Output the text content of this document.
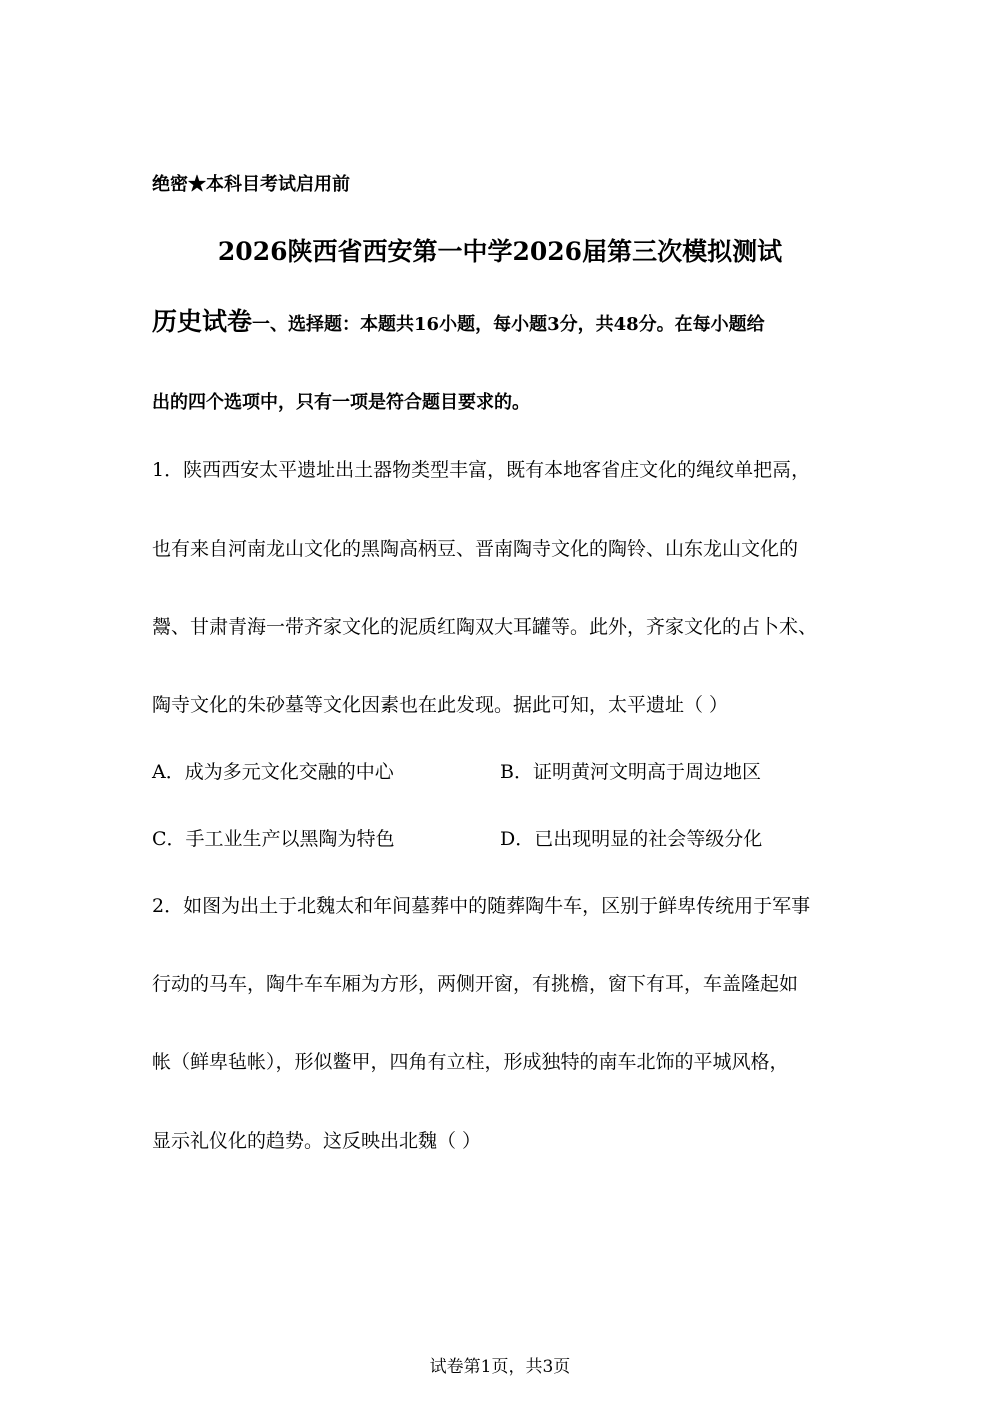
绝密★本科目考试启用前
2026陕西省西安第一中学2026届第三次模拟测试
历史试卷一、选择题：本题共16小题，每小题3分，共48分。在每小题给
出的四个选项中，只有一项是符合题目要求的。
1．陕西西安太平遗址出土器物类型丰富，既有本地客省庄文化的绳纹单把鬲，
也有来自河南龙山文化的黑陶高柄豆、晋南陶寺文化的陶铃、山东龙山文化的
鬶、甘肃青海一带齐家文化的泥质红陶双大耳罐等。此外，齐家文化的占卜术、
陶寺文化的朱砂墓等文化因素也在此发现。据此可知，太平遗址（ ）
A．成为多元文化交融的中心	B．证明黄河文明高于周边地区
C．手工业生产以黑陶为特色	D．已出现明显的社会等级分化
2．如图为出土于北魏太和年间墓葬中的随葬陶牛车，区别于鲜卑传统用于军事
行动的马车，陶牛车车厢为方形，两侧开窗，有挑檐，窗下有耳，车盖隆起如
帐（鲜卑毡帐），形似鳖甲，四角有立柱，形成独特的南车北饰的平城风格，
显示礼仪化的趋势。这反映出北魏（ ）
试卷第1页，共3页
